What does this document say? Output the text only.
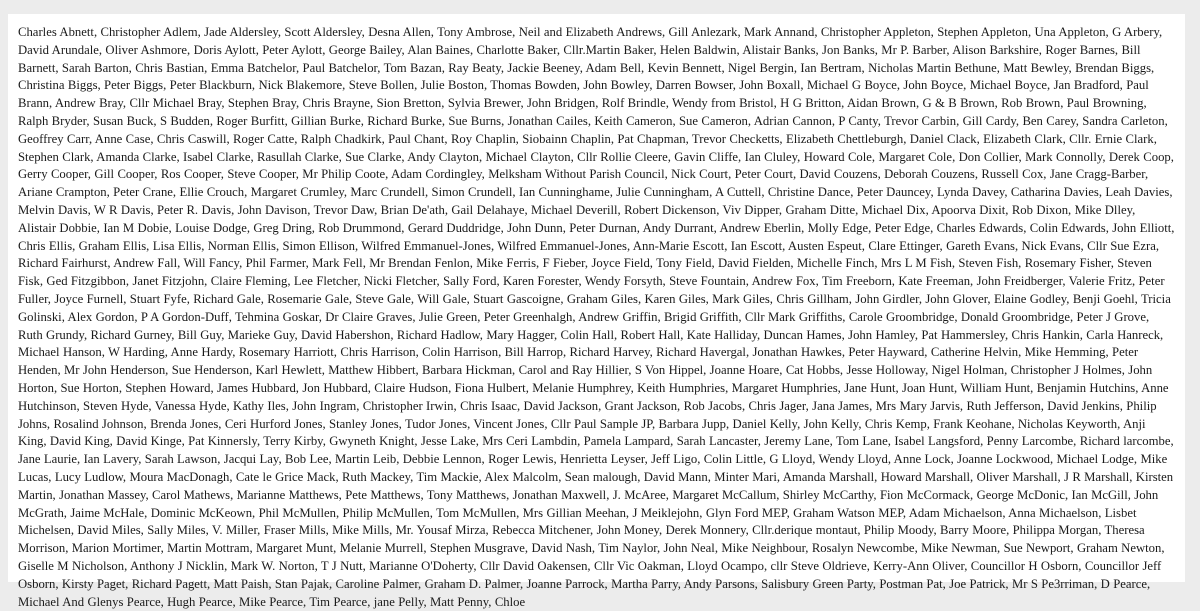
Charles Abnett, Christopher Adlem, Jade Aldersley, Scott Aldersley, Desna Allen, Tony Ambrose, Neil and Elizabeth Andrews, Gill Anlezark, Mark Annand, Christopher Appleton, Stephen Appleton, Una Appleton, G Arbery, David Arundale, Oliver Ashmore, Doris Aylott, Peter Aylott, George Bailey, Alan Baines, Charlotte Baker, Cllr.Martin Baker, Helen Baldwin, Alistair Banks, Jon Banks, Mr P. Barber, Alison Barkshire, Roger Barnes, Bill Barnett, Sarah Barton, Chris Bastian, Emma Batchelor, Paul Batchelor, Tom Bazan, Ray Beaty, Jackie Beeney, Adam Bell, Kevin Bennett, Nigel Bergin, Ian Bertram, Nicholas Martin Bethune, Matt Bewley, Brendan Biggs, Christina Biggs, Peter Biggs, Peter Blackburn, Nick Blakemore, Steve Bollen, Julie Boston, Thomas Bowden, John Bowley, Darren Bowser, John Boxall, Michael G Boyce, John Boyce, Michael Boyce, Jan Bradford, Paul Brann, Andrew Bray, Cllr Michael Bray, Stephen Bray, Chris Brayne, Sion Bretton, Sylvia Brewer, John Bridgen, Rolf Brindle, Wendy from Bristol, H G Britton, Aidan Brown, G & B Brown, Rob Brown, Paul Browning, Ralph Bryder, Susan Buck, S Budden, Roger Burfitt, Gillian Burke, Richard Burke, Sue Burns, Jonathan Cailes, Keith Cameron, Sue Cameron, Adrian Cannon, P Canty, Trevor Carbin, Gill Cardy, Ben Carey, Sandra Carleton, Geoffrey Carr, Anne Case, Chris Caswill, Roger Catte, Ralph Chadkirk, Paul Chant, Roy Chaplin, Siobainn Chaplin, Pat Chapman, Trevor Checketts, Elizabeth Chettleburgh, Daniel Clack, Elizabeth Clark, Cllr. Ernie Clark, Stephen Clark, Amanda Clarke, Isabel Clarke, Rasullah Clarke, Sue Clarke, Andy Clayton, Michael Clayton, Cllr Rollie Cleere, Gavin Cliffe, Ian Cluley, Howard Cole, Margaret Cole, Don Collier, Mark Connolly, Derek Coop, Gerry Cooper, Gill Cooper, Ros Cooper, Steve Cooper, Mr Philip Coote, Adam Cordingley, Melksham Without Parish Council, Nick Court, Peter Court, David Couzens, Deborah Couzens, Russell Cox, Jane Cragg-Barber, Ariane Crampton, Peter Crane, Ellie Crouch, Margaret Crumley, Marc Crundell, Simon Crundell, Ian Cunninghame, Julie Cunningham, A Cuttell, Christine Dance, Peter Dauncey, Lynda Davey, Catharina Davies, Leah Davies, Melvin Davis, W R Davis, Peter R. Davis, John Davison, Trevor Daw, Brian De'ath, Gail Delahaye, Michael Deverill, Robert Dickenson, Viv Dipper, Graham Ditte, Michael Dix, Apoorva Dixit, Rob Dixon, Mike Dlley, Alistair Dobbie, Ian M Dobie, Louise Dodge, Greg Dring, Rob Drummond, Gerard Duddridge, John Dunn, Peter Durnan, Andy Durrant, Andrew Eberlin, Molly Edge, Peter Edge, Charles Edwards, Colin Edwards, John Elliott, Chris Ellis, Graham Ellis, Lisa Ellis, Norman Ellis, Simon Ellison, Wilfred Emmanuel-Jones, Wilfred Emmanuel-Jones, Ann-Marie Escott, Ian Escott, Austen Espeut, Clare Ettinger, Gareth Evans, Nick Evans, Cllr Sue Ezra, Richard Fairhurst, Andrew Fall, Will Fancy, Phil Farmer, Mark Fell, Mr Brendan Fenlon, Mike Ferris, F Fieber, Joyce Field, Tony Field, David Fielden, Michelle Finch, Mrs L M Fish, Steven Fish, Rosemary Fisher, Steven Fisk, Ged Fitzgibbon, Janet Fitzjohn, Claire Fleming, Lee Fletcher, Nicki Fletcher, Sally Ford, Karen Forester, Wendy Forsyth, Steve Fountain, Andrew Fox, Tim Freeborn, Kate Freeman, John Freidberger, Valerie Fritz, Peter Fuller, Joyce Furnell, Stuart Fyfe, Richard Gale, Rosemarie Gale, Steve Gale, Will Gale, Stuart Gascoigne, Graham Giles, Karen Giles, Mark Giles, Chris Gillham, John Girdler, John Glover, Elaine Godley, Benji Goehl, Tricia Golinski, Alex Gordon, P A Gordon-Duff, Tehmina Goskar, Dr Claire Graves, Julie Green, Peter Greenhalgh, Andrew Griffin, Brigid Griffith, Cllr Mark Griffiths, Carole Groombridge, Donald Groombridge, Peter J Grove, Ruth Grundy, Richard Gurney, Bill Guy, Marieke Guy, David Habershon, Richard Hadlow, Mary Hagger, Colin Hall, Robert Hall, Kate Halliday, Duncan Hames, John Hamley, Pat Hammersley, Chris Hankin, Carla Hanreck, Michael Hanson, W Harding, Anne Hardy, Rosemary Harriott, Chris Harrison, Colin Harrison, Bill Harrop, Richard Harvey, Richard Havergal, Jonathan Hawkes, Peter Hayward, Catherine Helvin, Mike Hemming, Peter Henden, Mr John Henderson, Sue Henderson, Karl Hewlett, Matthew Hibbert, Barbara Hickman, Carol and Ray Hillier, S Von Hippel, Joanne Hoare, Cat Hobbs, Jesse Holloway, Nigel Holman, Christopher J Holmes, John Horton, Sue Horton, Stephen Howard, James Hubbard, Jon Hubbard, Claire Hudson, Fiona Hulbert, Melanie Humphrey, Keith Humphries, Margaret Humphries, Jane Hunt, Joan Hunt, William Hunt, Benjamin Hutchins, Anne Hutchinson, Steven Hyde, Vanessa Hyde, Kathy Iles, John Ingram, Christopher Irwin, Chris Isaac, David Jackson, Grant Jackson, Rob Jacobs, Chris Jager, Jana James, Mrs Mary Jarvis, Ruth Jefferson, David Jenkins, Philip Johns, Rosalind Johnson, Brenda Jones, Ceri Hurford Jones, Stanley Jones, Tudor Jones, Vincent Jones, Cllr Paul Sample JP, Barbara Jupp, Daniel Kelly, John Kelly, Chris Kemp, Frank Keohane, Nicholas Keyworth, Anji King, David King, David Kinge, Pat Kinnersly, Terry Kirby, Gwyneth Knight, Jesse Lake, Mrs Ceri Lambdin, Pamela Lampard, Sarah Lancaster, Jeremy Lane, Tom Lane, Isabel Langsford, Penny Larcombe, Richard larcombe, Jane Laurie, Ian Lavery, Sarah Lawson, Jacqui Lay, Bob Lee, Martin Leib, Debbie Lennon, Roger Lewis, Henrietta Leyser, Jeff Ligo, Colin Little, G Lloyd, Wendy Lloyd, Anne Lock, Joanne Lockwood, Michael Lodge, Mike Lucas, Lucy Ludlow, Moura MacDonagh, Cate le Grice Mack, Ruth Mackey, Tim Mackie, Alex Malcolm, Sean malough, David Mann, Minter Mari, Amanda Marshall, Howard Marshall, Oliver Marshall, J R Marshall, Kirsten Martin, Jonathan Massey, Carol Mathews, Marianne Matthews, Pete Matthews, Tony Matthews, Jonathan Maxwell, J. McAree, Margaret McCallum, Shirley McCarthy, Fion McCormack, George McDonic, Ian McGill, John McGrath, Jaime McHale, Dominic McKeown, Phil McMullen, Philip McMullen, Tom McMullen, Mrs Gillian Meehan, J Meiklejohn, Glyn Ford MEP, Graham Watson MEP, Adam Michaelson, Anna Michaelson, Lisbet Michelsen, David Miles, Sally Miles, V. Miller, Fraser Mills, Mike Mills, Mr. Yousaf Mirza, Rebecca Mitchener, John Money, Derek Monnery, Cllr.derique montaut, Philip Moody, Barry Moore, Philippa Morgan, Theresa Morrison, Marion Mortimer, Martin Mottram, Margaret Munt, Melanie Murrell, Stephen Musgrave, David Nash, Tim Naylor, John Neal, Mike Neighbour, Rosalyn Newcombe, Mike Newman, Sue Newport, Graham Newton, Giselle M Nicholson, Anthony J Nicklin, Mark W. Norton, T J Nutt, Marianne O'Doherty, Cllr David Oakensen, Cllr Vic Oakman, Lloyd Ocampo, cllr Steve Oldrieve, Kerry-Ann Oliver, Councillor H Osborn, Councillor Jeff Osborn, Kirsty Paget, Richard Pagett, Matt Paish, Stan Pajak, Caroline Palmer, Graham D. Palmer, Joanne Parrock, Martha Parry, Andy Parsons, Salisbury Green Party, Postman Pat, Joe Patrick, Mr S Pe3rriman, D Pearce, Michael And Glenys Pearce, Hugh Pearce, Mike Pearce, Tim Pearce, jane Pelly, Matt Penny, Chloe
